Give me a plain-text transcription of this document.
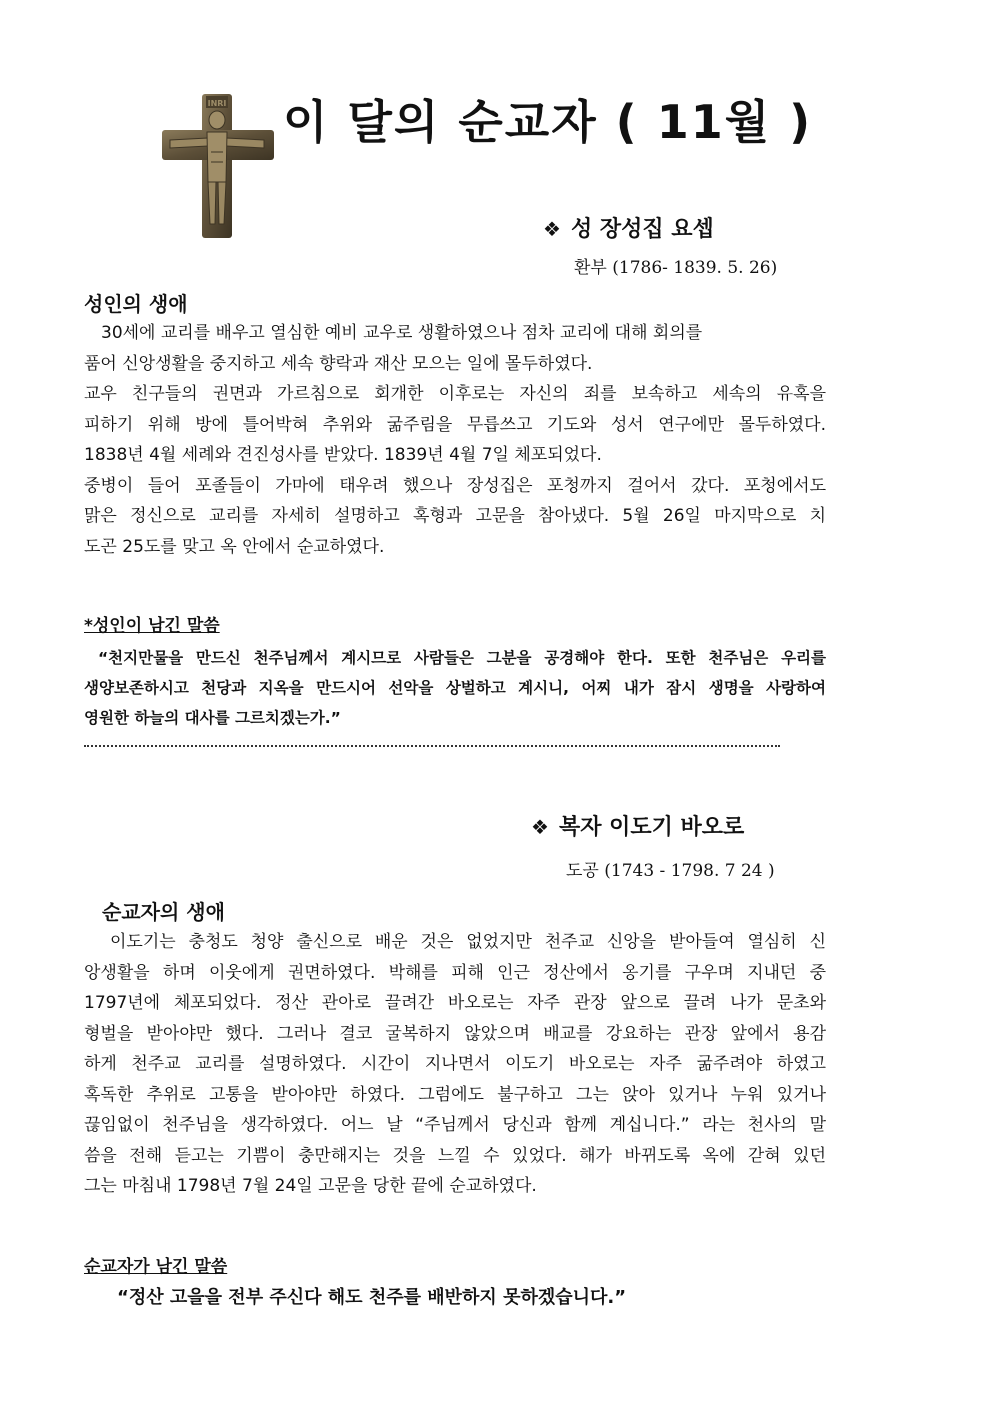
INRI 이 달의 순교자 ( 11월 )
❖ 성 장성집 요셉
환부 (1786- 1839. 5. 26)
성인의 생애

30세에 교리를 배우고 열심한 예비 교우로 생활하였으나 점차 교리에 대해 회의를

품어 신앙생활을 중지하고 세속 향락과 재산 모으는 일에 몰두하였다.

교우 친구들의 권면과 가르침으로 회개한 이후로는 자신의 죄를 보속하고 세속의 유혹을

피하기 위해 방에 틀어박혀 추위와 굶주림을 무릅쓰고 기도와 성서 연구에만 몰두하였다.

1838년 4월 세례와 견진성사를 받았다. 1839년 4월 7일 체포되었다.

중병이 들어 포졸들이 가마에 태우려 했으나 장성집은 포청까지 걸어서 갔다. 포청에서도

맑은 정신으로 교리를 자세히 설명하고 혹형과 고문을 참아냈다. 5월 26일 마지막으로 치

도곤 25도를 맞고 옥 안에서 순교하였다.

*성인이 남긴 말씀
“천지만물을 만드신 천주님께서 계시므로 사람들은 그분을 공경해야 한다. 또한 천주님은 우리를
생양보존하시고 천당과 지옥을 만드시어 선악을 상벌하고 계시니, 어찌 내가 잠시 생명을 사랑하여
영원한 하늘의 대사를 그르치겠는가.”
❖ 복자 이도기 바오로
도공 (1743 - 1798. 7 24 )
순교자의 생애

이도기는 충청도 청양 출신으로 배운 것은 없었지만 천주교 신앙을 받아들여 열심히 신

앙생활을 하며 이웃에게 권면하였다. 박해를 피해 인근 정산에서 옹기를 구우며 지내던 중

1797년에 체포되었다. 정산 관아로 끌려간 바오로는 자주 관장 앞으로 끌려 나가 문초와

형벌을 받아야만 했다. 그러나 결코 굴복하지 않았으며 배교를 강요하는 관장 앞에서 용감

하게 천주교 교리를 설명하였다. 시간이 지나면서 이도기 바오로는 자주 굶주려야 하였고

혹독한 추위로 고통을 받아야만 하였다. 그럼에도 불구하고 그는 앉아 있거나 누워 있거나

끊임없이 천주님을 생각하였다. 어느 날 “주님께서 당신과 함께 계십니다.” 라는 천사의 말

씀을 전해 듣고는 기쁨이 충만해지는 것을 느낄 수 있었다. 해가 바뀌도록 옥에 갇혀 있던

그는 마침내 1798년 7월 24일 고문을 당한 끝에 순교하였다.

순교자가 남긴 말씀
“정산 고을을 전부 주신다 해도 천주를 배반하지 못하겠습니다.”
